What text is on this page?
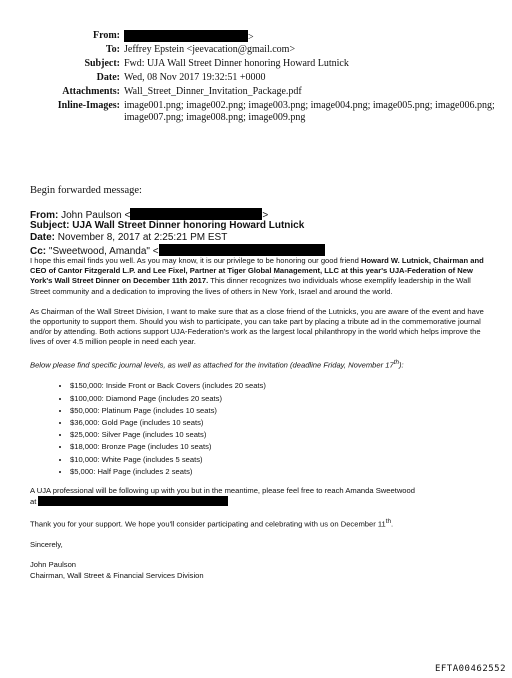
From:	>
To: Jeffrey Epstein <jeevacation@gmail.com>
Subject: Fwd: UJA Wall Street Dinner honoring Howard Lutnick
Date: Wed, 08 Nov 2017 19:32:51 +0000
Attachments: Wall_Street_Dinner_Invitation_Package.pdf
Inline-Images: image001.png; image002.png; image003.png; image004.png; image005.png; image006.png;
image007.png; image008.png; image009.png
Begin forwarded message:
From: John Paulson <	>
Subject: UJA Wall Street Dinner honoring Howard Lutnick
Date: November 8, 2017 at 2:25:21 PM EST
Cc: "Sweetwood, Amanda" <

I hope this email finds you well. As you may know, it is our privilege to be honoring our good friend Howard W. Lutnick, Chairman and CEO of Cantor Fitzgerald L.P. and Lee Fixel, Partner at Tiger Global Management, LLC at this year's UJA-Federation of New York's Wall Street Dinner on December 11th 2017. This dinner recognizes two individuals whose exemplify leadership in the Wall Street community and a dedication to improving the lives of others in New York, Israel and around the world.

As Chairman of the Wall Street Division, I want to make sure that as a close friend of the Lutnicks, you are aware of the event and have the opportunity to support them. Should you wish to participate, you can take part by placing a tribute ad in the commemorative journal and/or by attending. Both actions support UJA-Federation's work as the largest local philanthropy in the world which helps improve the lives of over 4.5 million people in need each year.

Below please find specific journal levels, as well as attached for the invitation (deadline Friday, November 17th):

• $150,000: Inside Front or Back Covers (includes 20 seats)
• $100,000: Diamond Page (includes 20 seats)
• $50,000: Platinum Page (includes 10 seats)
• $36,000: Gold Page (includes 10 seats)
• $25,000: Silver Page (includes 10 seats)
• $18,000: Bronze Page (includes 10 seats)
• $10,000: White Page (includes 5 seats)
• $5,000: Half Page (includes 2 seats)

A UJA professional will be following up with you but in the meantime, please feel free to reach Amanda Sweetwood
at

Thank you for your support. We hope you'll consider participating and celebrating with us on December 11th.

Sincerely,

John Paulson
Chairman, Wall Street & Financial Services Division

EFTA00462552
